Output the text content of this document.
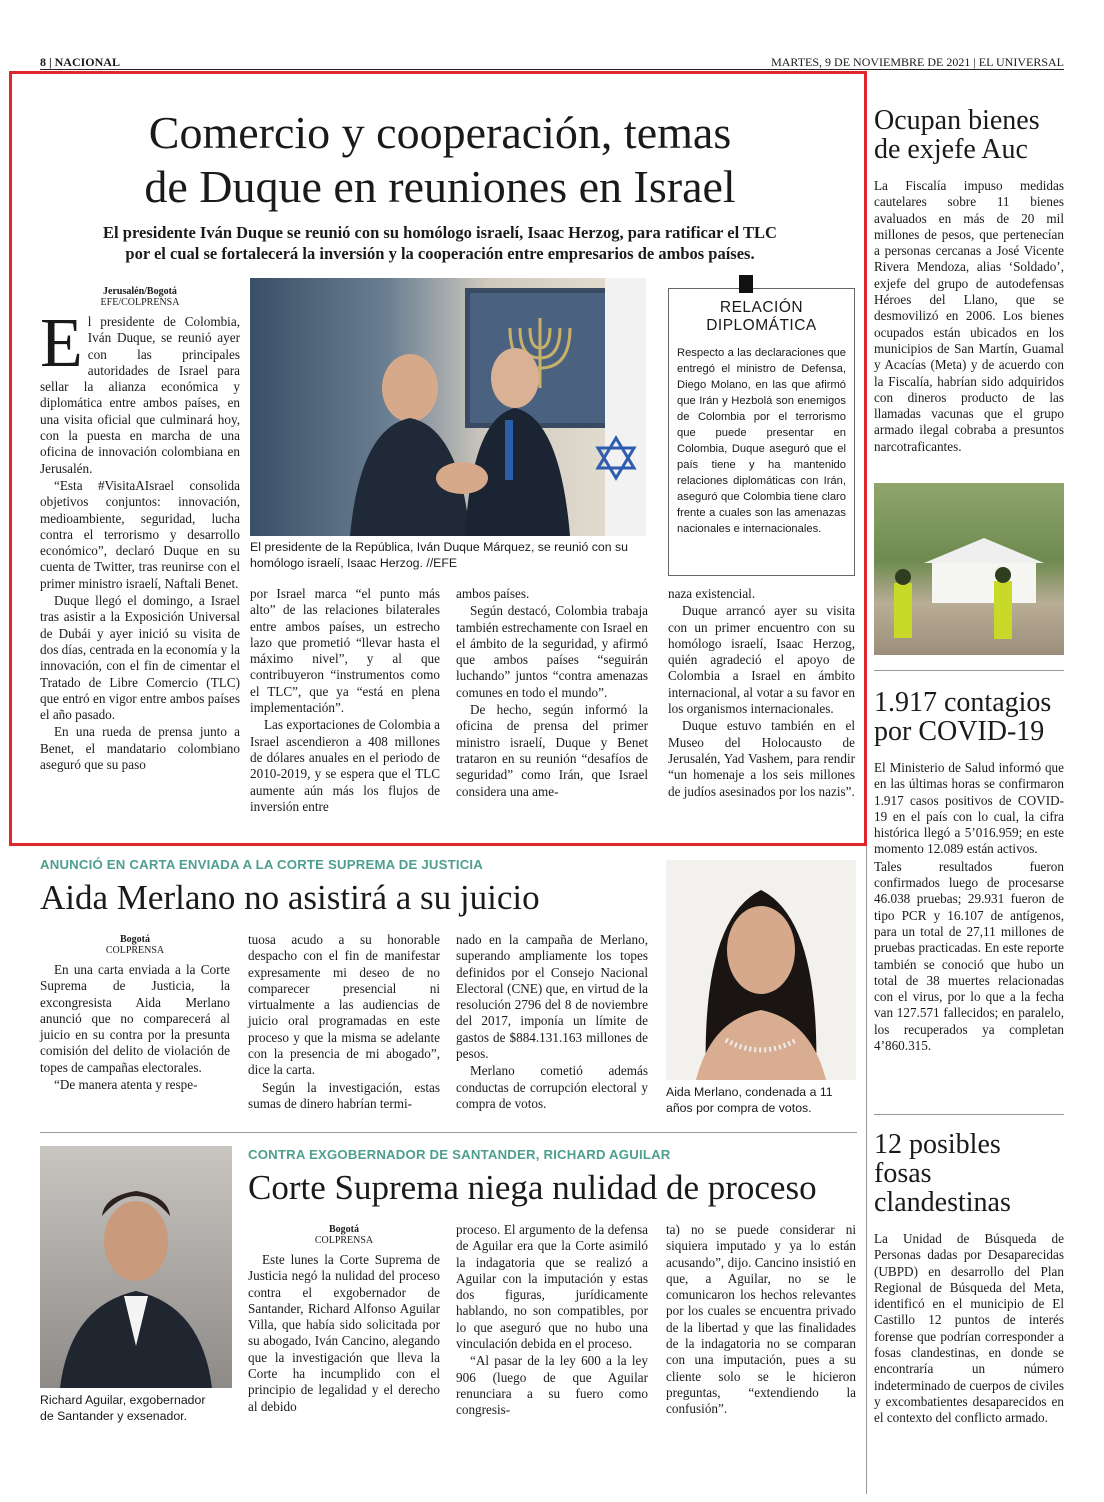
8 | NACIONAL	MARTES, 9 DE NOVIEMBRE DE 2021 | EL UNIVERSAL
Comercio y cooperación, temas
de Duque en reuniones en Israel
El presidente Iván Duque se reunió con su homólogo israelí, Isaac Herzog, para ratificar el TLC
por el cual se fortalecerá la inversión y la cooperación entre empresarios de ambos países.
Jerusalén/Bogotá
EFE/COLPRENSA
E l presidente de Colombia, Iván Duque, se reunió ayer con las principales autoridades de Israel para sellar la alianza económica y diplomática entre ambos países, en una visita oficial que culminará hoy, con la puesta en marcha de una oficina de innovación colombiana en Jerusalén.

“Esta #VisitaAIsrael consolida objetivos conjuntos: innovación, medioambiente, seguridad, lucha contra el terrorismo y desarrollo económico”, declaró Duque en su cuenta de Twitter, tras reunirse con el primer ministro israelí, Naftali Benet.

Duque llegó el domingo, a Israel tras asistir a la Exposición Universal de Dubái y ayer inició su visita de dos días, centrada en la economía y la innovación, con el fin de cimentar el Tratado de Libre Comercio (TLC) que entró en vigor entre ambos países el año pasado.

En una rueda de prensa junto a Benet, el mandatario colombiano aseguró que su paso

El presidente de la República, Iván Duque Márquez, se reunió con su homólogo israelí, Isaac Herzog. //EFE
RELACIÓN
DIPLOMÁTICA
Respecto a las declaraciones que entregó el ministro de Defensa, Diego Molano, en las que afirmó que Irán y Hezbolá son enemigos de Colombia por el terrorismo que puede presentar en Colombia, Duque aseguró que el país tiene y ha mantenido relaciones diplomáticas con Irán, aseguró que Colombia tiene claro frente a cuales son las amenazas nacionales e internacionales.

por Israel marca “el punto más alto” de las relaciones bilaterales entre ambos países, un estrecho lazo que prometió “llevar hasta el máximo nivel”, y al que contribuyeron “instrumentos como el TLC”, que ya “está en plena implementación”.

Las exportaciones de Colombia a Israel ascendieron a 408 millones de dólares anuales en el periodo de 2010-2019, y se espera que el TLC aumente aún más los flujos de inversión entre

ambos países.

Según destacó, Colombia trabaja también estrechamente con Israel en el ámbito de la seguridad, y afirmó que ambos países “seguirán luchando” juntos “contra amenazas comunes en todo el mundo”.

De hecho, según informó la oficina de prensa del primer ministro israelí, Duque y Benet trataron en su reunión “desafíos de seguridad” como Irán, que Israel considera una ame-

naza existencial.

Duque arrancó ayer su visita con un primer encuentro con su homólogo israelí, Isaac Herzog, quién agradeció el apoyo de Colombia a Israel en ámbito internacional, al votar a su favor en los organismos internacionales.

Duque estuvo también en el Museo del Holocausto de Jerusalén, Yad Vashem, para rendir “un homenaje a los seis millones de judíos asesinados por los nazis”.

ANUNCIÓ EN CARTA ENVIADA A LA CORTE SUPREMA DE JUSTICIA
Aida Merlano no asistirá a su juicio
Bogotá
COLPRENSA

En una carta enviada a la Corte Suprema de Justicia, la excongresista Aida Merlano anunció que no comparecerá al juicio en su contra por la presunta comisión del delito de violación de topes de campañas electorales.

“De manera atenta y respe-

tuosa acudo a su honorable despacho con el fin de manifestar expresamente mi deseo de no comparecer presencial ni virtualmente a las audiencias de juicio oral programadas en este proceso y que la misma se adelante con la presencia de mi abogado”, dice la carta.

Según la investigación, estas sumas de dinero habrían termi-

nado en la campaña de Merlano, superando ampliamente los topes definidos por el Consejo Nacional Electoral (CNE) que, en virtud de la resolución 2796 del 8 de noviembre del 2017, imponía un límite de gastos de $884.131.163 millones de pesos.

Merlano cometió además conductas de corrupción electoral y compra de votos.

Aida Merlano, condenada a 11 años por compra de votos.
Richard Aguilar, exgobernador
de Santander y exsenador.
CONTRA EXGOBERNADOR DE SANTANDER, RICHARD AGUILAR
Corte Suprema niega nulidad de proceso
Bogotá
COLPRENSA

Este lunes la Corte Suprema de Justicia negó la nulidad del proceso contra el exgobernador de Santander, Richard Alfonso Aguilar Villa, que había sido solicitada por su abogado, Iván Cancino, alegando que la investigación que lleva la Corte ha incumplido con el principio de legalidad y el derecho al debido

proceso. El argumento de la defensa de Aguilar era que la Corte asimiló la indagatoria que se realizó a Aguilar con la imputación y estas dos figuras, jurídicamente hablando, no son compatibles, por lo que aseguró que no hubo una vinculación debida en el proceso.

“Al pasar de la ley 600 a la ley 906 (luego de que Aguilar renunciara a su fuero como congresis-

ta) no se puede considerar ni siquiera imputado y ya lo están acusando”, dijo. Cancino insistió en que, a Aguilar, no se le comunicaron los hechos relevantes por los cuales se encuentra privado de la libertad y que las finalidades de la indagatoria no se comparan con una imputación, pues a su cliente solo se le hicieron preguntas, “extendiendo la confusión”.

Ocupan bienes
de exjefe Auc

La Fiscalía impuso medidas cautelares sobre 11 bienes avaluados en más de 20 mil millones de pesos, que pertenecían a personas cercanas a José Vicente Rivera Mendoza, alias ‘Soldado’, exjefe del grupo de autodefensas Héroes del Llano, que se desmovilizó en 2006. Los bienes ocupados están ubicados en los municipios de San Martín, Guamal y Acacías (Meta) y de acuerdo con la Fiscalía, habrían sido adquiridos con dineros producto de las llamadas vacunas que el grupo armado ilegal cobraba a presuntos narcotraficantes.

1.917 contagios
por COVID-19

El Ministerio de Salud informó que en las últimas horas se confirmaron 1.917 casos positivos de COVID-19 en el país con lo cual, la cifra histórica llegó a 5’016.959; en este momento 12.089 están activos.

Tales resultados fueron confirmados luego de procesarse 46.038 pruebas; 29.931 fueron de tipo PCR y 16.107 de antígenos, para un total de 27,11 millones de pruebas practicadas. En este reporte también se conoció que hubo un total de 38 muertes relacionadas con el virus, por lo que a la fecha van 127.571 fallecidos; en paralelo, los recuperados ya completan 4’860.315.

12 posibles fosas
clandestinas

La Unidad de Búsqueda de Personas dadas por Desaparecidas (UBPD) en desarrollo del Plan Regional de Búsqueda del Meta, identificó en el municipio de El Castillo 12 puntos de interés forense que podrían corresponder a fosas clandestinas, en donde se encontraría un número indeterminado de cuerpos de civiles y excombatientes desaparecidos en el contexto del conflicto armado.
